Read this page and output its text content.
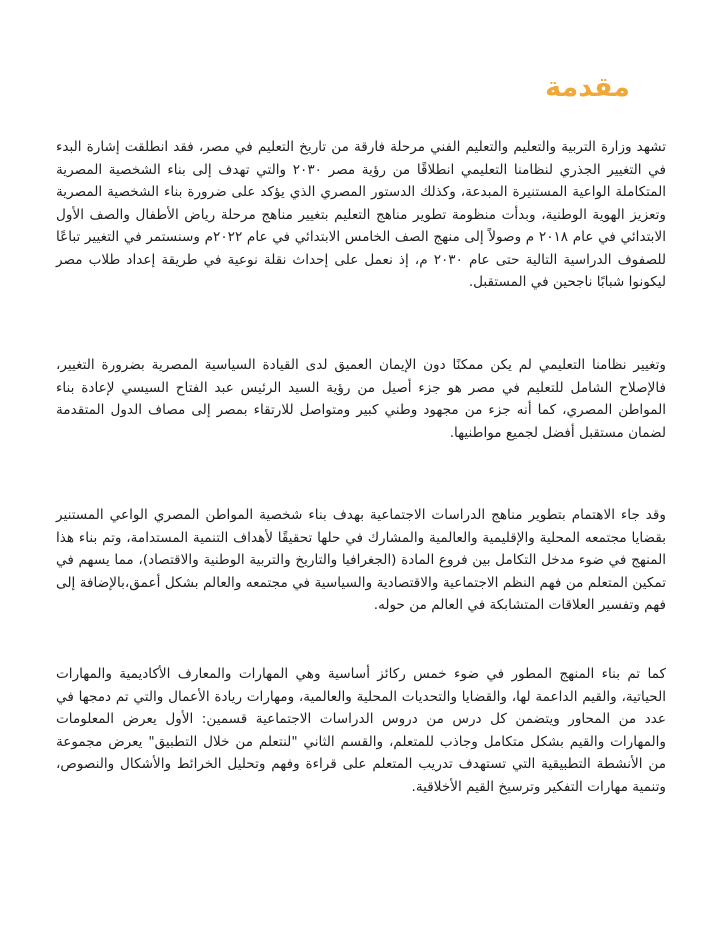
مقدمة

تشهد وزارة التربية والتعليم والتعليم الفني مرحلة فارقة من تاريخ التعليم في مصر، فقد انطلقت إشارة البدء في التغيير الجذري لنظامنا التعليمي انطلاقًا من رؤية مصر ٢٠٣٠ والتي تهدف إلى بناء الشخصية المصرية المتكاملة الواعية المستنيرة المبدعة، وكذلك الدستور المصري الذي يؤكد على ضرورة بناء الشخصية المصرية وتعزيز الهوية الوطنية، وبدأت منظومة تطوير مناهج التعليم بتغيير مناهج مرحلة رياض الأطفال والصف الأول الابتدائي في عام ٢٠١٨ م وصولاً إلى منهج الصف الخامس الابتدائي في عام ٢٠٢٢م وسنستمر في التغيير تباعًا للصفوف الدراسية التالية حتى عام ٢٠٣٠ م، إذ نعمل على إحداث نقلة نوعية في طريقة إعداد طلاب مصر ليكونوا شبابًا ناجحين في المستقبل.

وتغيير نظامنا التعليمي لم يكن ممكنًا دون الإيمان العميق لدى القيادة السياسية المصرية بضرورة التغيير، فالإصلاح الشامل للتعليم في مصر هو جزء أصيل من رؤية السيد الرئيس عبد الفتاح السيسي لإعادة بناء المواطن المصري، كما أنه جزء من مجهود وطني كبير ومتواصل للارتقاء بمصر إلى مصاف الدول المتقدمة لضمان مستقبل أفضل لجميع مواطنيها.

وقد جاء الاهتمام بتطوير مناهج الدراسات الاجتماعية بهدف بناء شخصية المواطن المصري الواعي المستنير بقضايا مجتمعه المحلية والإقليمية والعالمية والمشارك في حلها تحقيقًا لأهداف التنمية المستدامة، وتم بناء هذا المنهج في ضوء مدخل التكامل بين فروع المادة (الجغرافيا والتاريخ والتربية الوطنية والاقتصاد)، مما يسهم في تمكين المتعلم من فهم النظم الاجتماعية والاقتصادية والسياسية في مجتمعه والعالم بشكل أعمق،بالإضافة إلى فهم وتفسير العلاقات المتشابكة في العالم من حوله.

كما تم بناء المنهج المطور في ضوء خمس ركائز أساسية وهي المهارات والمعارف الأكاديمية والمهارات الحياتية، والقيم الداعمة لها، والقضايا والتحديات المحلية والعالمية، ومهارات ريادة الأعمال والتي تم دمجها في عدد من المحاور ويتضمن كل درس من دروس الدراسات الاجتماعية قسمين: الأول يعرض المعلومات والمهارات والقيم بشكل متكامل وجاذب للمتعلم، والقسم الثاني "لنتعلم من خلال التطبيق" يعرض مجموعة من الأنشطة التطبيقية التي تستهدف تدريب المتعلم على قراءة وفهم وتحليل الخرائط والأشكال والنصوص، وتنمية مهارات التفكير وترسيخ القيم الأخلاقية.
